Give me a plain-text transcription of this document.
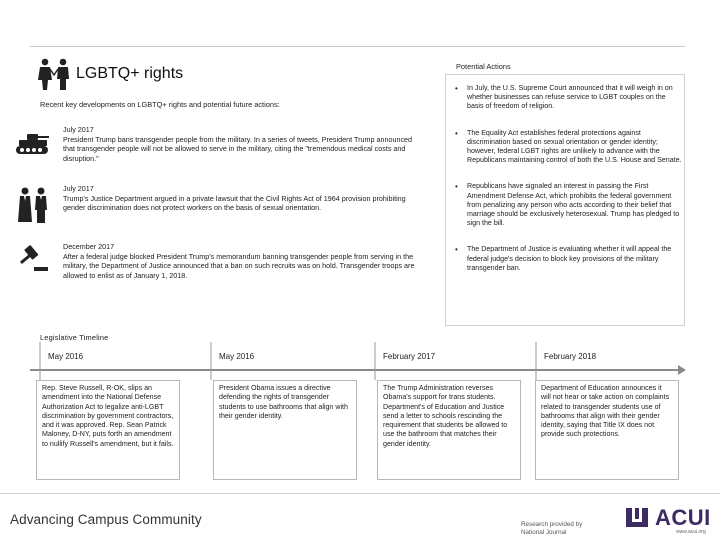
LGBTQ+ rights
Recent key developments on LGBTQ+ rights and potential future actions:
July 2017
President Trump bans transgender people from the military. In a series of tweets, President Trump announced that transgender people will not be allowed to serve in the military, citing the "tremendous medical costs and disruption."
July 2017
Trump's Justice Department argued in a private lawsuit that the Civil Rights Act of 1964 provision prohibiting gender discrimination does not protect workers on the basis of sexual orientation.
December 2017
After a federal judge blocked President Trump's memorandum banning transgender people from serving in the military, the Department of Justice announced that a ban on such recruits was on hold. Transgender troops are allowed to enlist as of January 1, 2018.
Potential Actions
• In July, the U.S. Supreme Court announced that it will weigh in on whether businesses can refuse service to LGBT couples on the basis of freedom of religion.
• The Equality Act establishes federal protections against discrimination based on sexual orientation or gender identity; however, federal LGBT rights are unlikely to advance with the Republicans maintaining control of both the U.S. House and Senate.
• Republicans have signaled an interest in passing the First Amendment Defense Act, which prohibits the federal government from penalizing any person who acts according to their belief that marriage should be exclusively heterosexual. Trump has pledged to sign the bill.
• The Department of Justice is evaluating whether it will appeal the federal judge's decision to block key provisions of the military transgender ban.
Legislative Timeline
May 2016	May 2016	February 2017	February 2018
Rep. Steve Russell, R-OK, slips an amendment into the National Defense Authorization Act to legalize anti-LGBT discrimination by government contractors, and it was approved. Rep. Sean Patrick Maloney, D-NY, puts forth an amendment to nullify Russell's amendment, but it fails.
President Obama issues a directive defending the rights of transgender students to use bathrooms that align with their gender identity.
The Trump Administration reverses Obama's support for trans students. Department's of Education and Justice send a letter to schools rescinding the requirement that students be allowed to use the bathroom that matches their gender identity.
Department of Education announces it will not hear or take action on complaints related to transgender students use of bathrooms that align with their gender identity, saying that Title IX does not provide such protections.
Advancing Campus Community	Research provided by
National Journal
ACUI
www.acui.org
